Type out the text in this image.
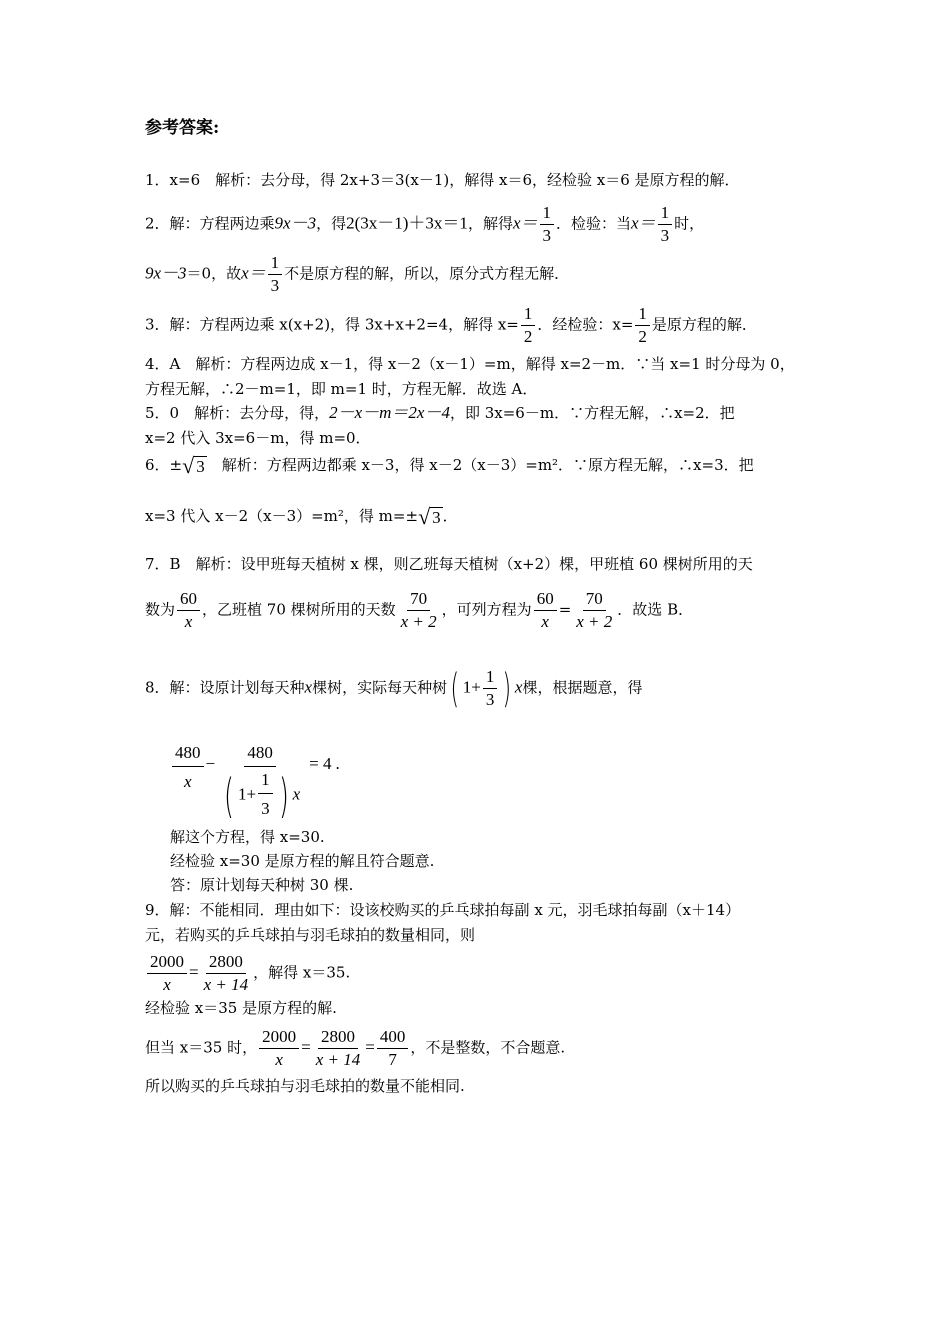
参考答案:
1．x=6　解析：去分母，得 2x+3＝3(x－1)，解得 x＝6，经检验 x＝6 是原方程的解．
2．解：方程两边乘9x－3，得2(3x－1)＋3x＝1，解得$x= \frac{1}{3}$ ．检验：当$x= \frac{1}{3}$ 时，
9x－3＝0，故$x= \frac{1}{3}$ 不是原方程的解，所以，原分式方程无解．
3．解：方程两边乘 x(x+2)，得 3x+x+2=4，解得 $x= \frac{1}{2}$ ．经检验：$x= \frac{1}{2}$ 是原方程的解．
4．A　解析：方程两边成 x－1，得 x－2（x－1）=m，解得 x=2－m．∵当 x=1 时分母为 0，
方程无解，∴2－m=1，即 m=1 时，方程无解．故选 A．
5．0　解析：去分母，得，2－x－m＝2x－4，即 3x=6－m．∵方程无解，∴x=2．把
x=2 代入 3x=6－m，得 m=0．
6．± √ 3 　解析：方程两边都乘 x－3，得 x－2（x－3）=m²．∵原方程无解，∴x=3．把
x=3 代入 x－2（x－3）=m²，得 m=± √ 3 ．
7．B　解析：设甲班每天植树 x 棵，则乙班每天植树（x+2）棵，甲班植 60 棵树所用的天
数为 $\frac{60}{x}$ ，乙班植 70 棵树所用的天数 $\frac{70}{x + 2}$ ，可列方程为 $\frac{60}{x} = \frac{70}{x + 2}$ ．故选 B．
8．解：设原计划每天种x棵树，实际每天种树( $1+ \frac{1}{3}$ ) x棵，根据题意，得
$\frac{480}{x} - \frac{480}{( 1+ \frac{1}{3} ) x} = 4$ .
解这个方程，得 x=30.
经检验 x=30 是原方程的解且符合题意.
答：原计划每天种树 30 棵.
9．解：不能相同．理由如下：设该校购买的乒乓球拍每副 x 元，羽毛球拍每副（x＋14）
元，若购买的乒乓球拍与羽毛球拍的数量相同，则
$\frac{2000}{x} = \frac{2800}{x + 14}$ ，解得 x＝35.
经检验 x＝35 是原方程的解.
但当 x＝35 时， $\frac{2000}{x} = \frac{2800}{x + 14} = \frac{400}{7}$ ，不是整数，不合题意.
所以购买的乒乓球拍与羽毛球拍的数量不能相同.
